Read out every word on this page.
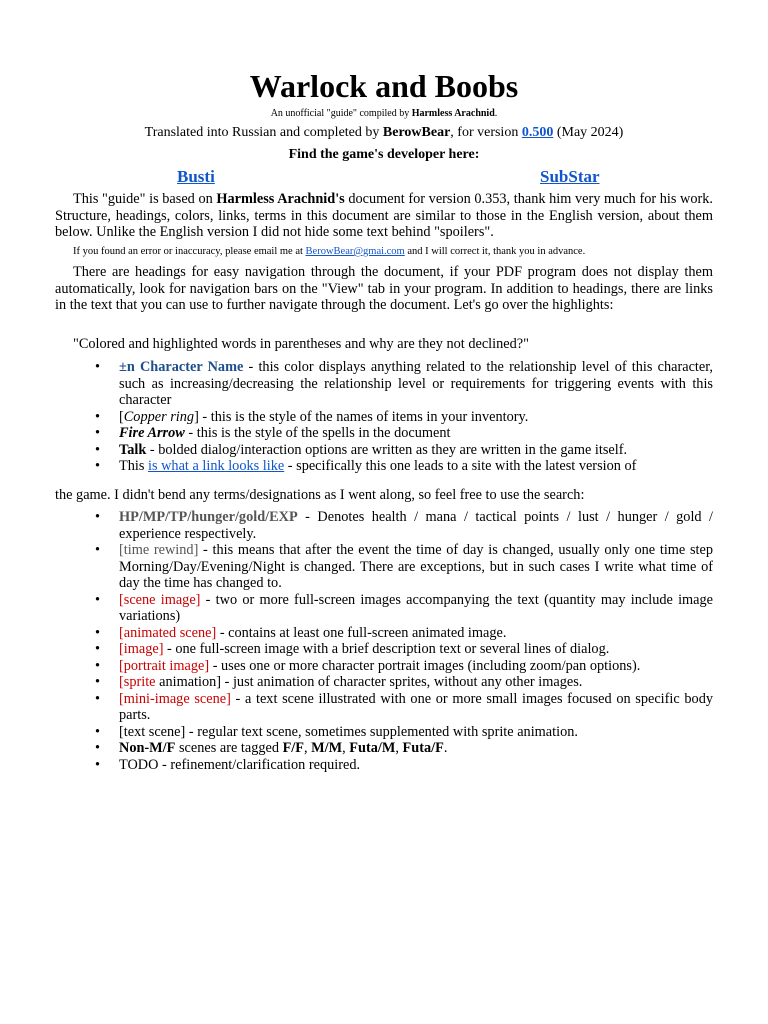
Warlock and Boobs
An unofficial "guide" compiled by Harmless Arachnid.
Translated into Russian and completed by BerowBear, for version 0.500 (May 2024)
Find the game's developer here:
Busti	SubStar
This "guide" is based on Harmless Arachnid's document for version 0.353, thank him very much for his work. Structure, headings, colors, links, terms in this document are similar to those in the English version, about them below. Unlike the English version I did not hide some text behind "spoilers".
If you found an error or inaccuracy, please email me at BerowBear@gmai.com and I will correct it, thank you in advance.
There are headings for easy navigation through the document, if your PDF program does not display them automatically, look for navigation bars on the "View" tab in your program. In addition to headings, there are links in the text that you can use to further navigate through the document. Let's go over the highlights:
"Colored and highlighted words in parentheses and why are they not declined?"
• ±n Character Name - this color displays anything related to the relationship level of this character, such as increasing/decreasing the relationship level or requirements for triggering events with this character
• [Copper ring] - this is the style of the names of items in your inventory.
• Fire Arrow - this is the style of the spells in the document
• Talk - bolded dialog/interaction options are written as they are written in the game itself.
• This is what a link looks like - specifically this one leads to a site with the latest version of
the game. I didn't bend any terms/designations as I went along, so feel free to use the search:
• HP/MP/TP/hunger/gold/EXP - Denotes health / mana / tactical points / lust / hunger / gold / experience respectively.
• [time rewind] - this means that after the event the time of day is changed, usually only one time step Morning/Day/Evening/Night is changed. There are exceptions, but in such cases I write what time of day the time has changed to.
• [scene image] - two or more full-screen images accompanying the text (quantity may include image variations)
• [animated scene] - contains at least one full-screen animated image.
• [image] - one full-screen image with a brief description text or several lines of dialog.
• [portrait image] - uses one or more character portrait images (including zoom/pan options).
• [sprite animation] - just animation of character sprites, without any other images.
• [mini-image scene] - a text scene illustrated with one or more small images focused on specific body parts.
• [text scene] - regular text scene, sometimes supplemented with sprite animation.
• Non-M/F scenes are tagged F/F, M/M, Futa/M, Futa/F.
• TODO - refinement/clarification required.
